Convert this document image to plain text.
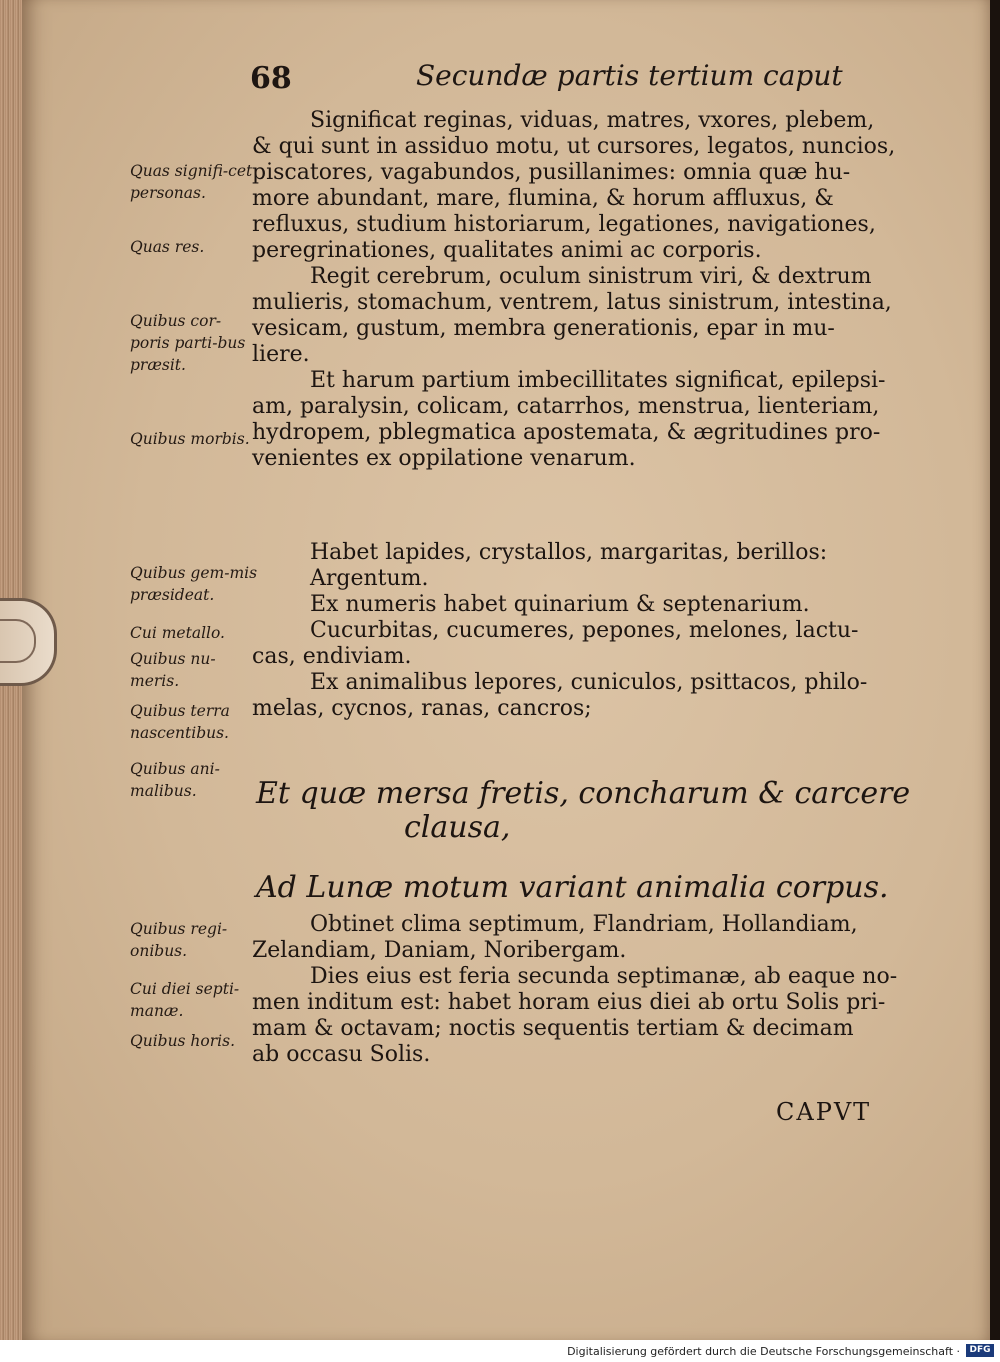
68	Secundæ partis tertium caput
Quas signifi-cet personas.
Quas res.
Quibus cor-poris parti-bus præsit.
Quibus morbis.
Quibus gem-mis præsideat.
Cui metallo.
Quibus nu-meris.
Quibus terra nascentibus.
Quibus ani-malibus.
Quibus regi-onibus.
Cui diei septi-manæ.
Quibus horis.
Significat reginas, viduas, matres, vxores, plebem,
& qui sunt in assiduo motu, ut cursores, legatos, nuncios,
piscatores, vagabundos, pusillanimes: omnia quæ hu-
more abundant, mare, flumina, & horum affluxus, &
refluxus, studium historiarum, legationes, navigationes,
peregrinationes, qualitates animi ac corporis.
Regit cerebrum, oculum sinistrum viri, & dextrum
mulieris, stomachum, ventrem, latus sinistrum, intestina,
vesicam, gustum, membra generationis, epar in mu-
liere.
Et harum partium imbecillitates significat, epilepsi-
am, paralysin, colicam, catarrhos, menstrua, lienteriam,
hydropem, pblegmatica apostemata, & ægritudines pro-
venientes ex oppilatione venarum.
Habet lapides, crystallos, margaritas, berillos:
Argentum.
Ex numeris habet quinarium & septenarium.
Cucurbitas, cucumeres, pepones, melones, lactu-
cas, endiviam.
Ex animalibus lepores, cuniculos, psittacos, philo-
melas, cycnos, ranas, cancros;
Et quæ mersa fretis, concharum & carcere
clausa,
Ad Lunæ motum variant animalia corpus.
Obtinet clima septimum, Flandriam, Hollandiam,
Zelandiam, Daniam, Noribergam.
Dies eius est feria secunda septimanæ, ab eaque no-
men inditum est: habet horam eius diei ab ortu Solis pri-
mam & octavam; noctis sequentis tertiam & decimam
ab occasu Solis.
CAPVT
Digitalisierung gefördert durch die Deutsche Forschungsgemeinschaft ·	DFG
